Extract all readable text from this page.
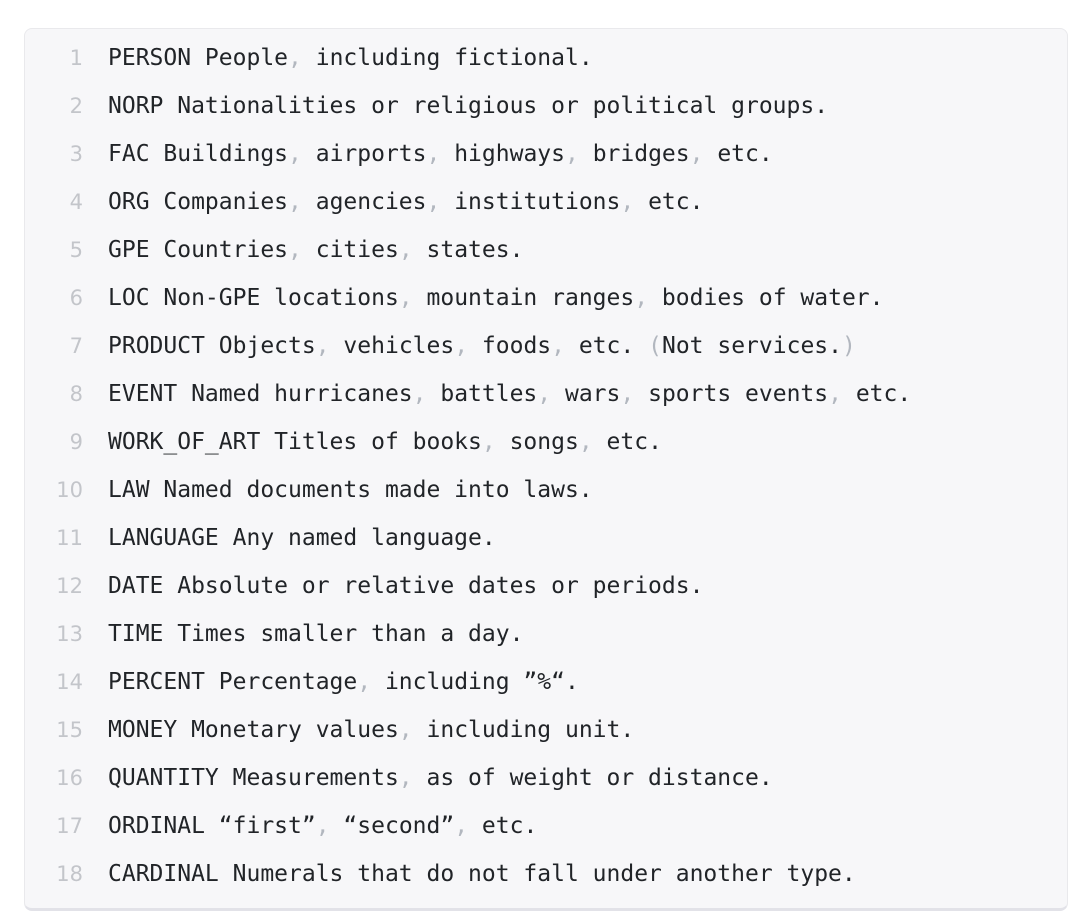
1 PERSON People, including fictional.
2 NORP Nationalities or religious or political groups.
3 FAC Buildings, airports, highways, bridges, etc.
4 ORG Companies, agencies, institutions, etc.
5 GPE Countries, cities, states.
6 LOC Non-GPE locations, mountain ranges, bodies of water.
7 PRODUCT Objects, vehicles, foods, etc. (Not services.)
8 EVENT Named hurricanes, battles, wars, sports events, etc.
9 WORK_OF_ART Titles of books, songs, etc.
10 LAW Named documents made into laws.
11 LANGUAGE Any named language.
12 DATE Absolute or relative dates or periods.
13 TIME Times smaller than a day.
14 PERCENT Percentage, including ”%“.
15 MONEY Monetary values, including unit.
16 QUANTITY Measurements, as of weight or distance.
17 ORDINAL “first”, “second”, etc.
18 CARDINAL Numerals that do not fall under another type.
